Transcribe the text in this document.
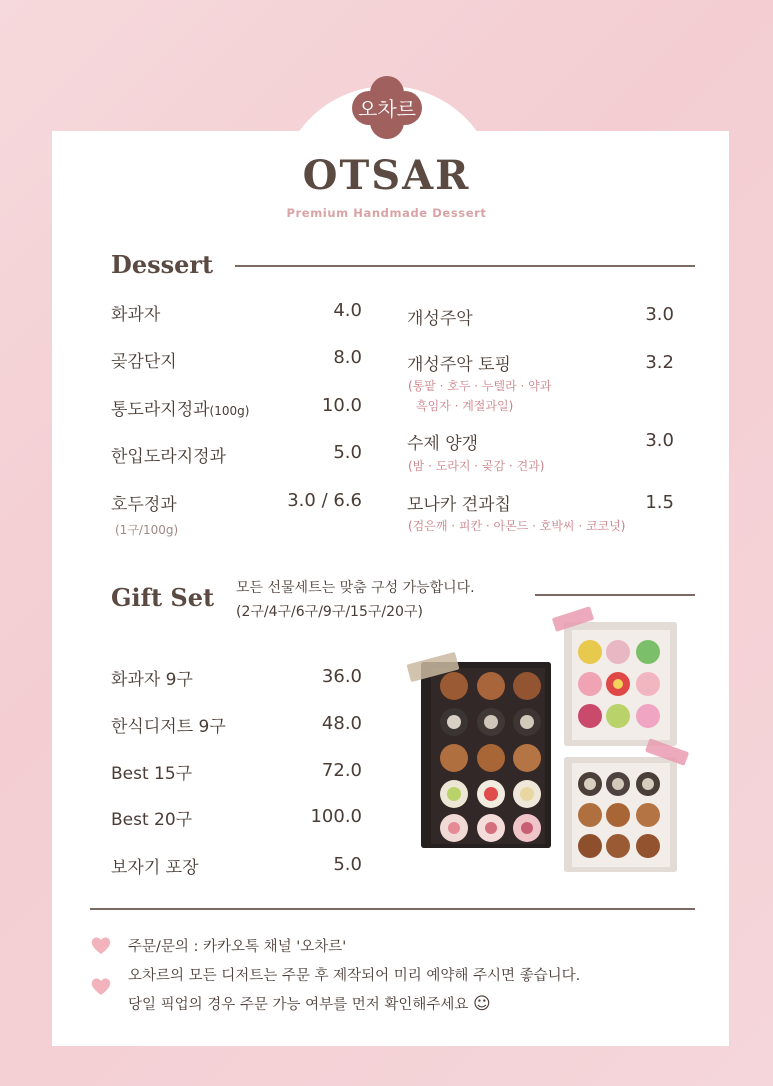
오차르
OTSAR
Premium Handmade Dessert
Dessert
화과자	4.0
곶감단지	8.0
통도라지정과(100g)	10.0
한입도라지정과	5.0
호두정과	3.0 / 6.6
(1구/100g)
개성주악	3.0
개성주악 토핑	3.2
(통팥 · 호두 · 누텔라 · 약과
흑임자 · 계절과일)
수제 양갱	3.0
(밤 · 도라지 · 곶감 · 견과)
모나카 견과칩	1.5
(검은깨 · 피칸 · 아몬드 · 호박씨 · 코코넛)
Gift Set 모든 선물세트는 맞춤 구성 가능합니다.
(2구/4구/6구/9구/15구/20구)
화과자 9구	36.0
한식디저트 9구	48.0
Best 15구	72.0
Best 20구	100.0
보자기 포장	5.0
주문/문의 : 카카오톡 채널 '오차르'
오차르의 모든 디저트는 주문 후 제작되어 미리 예약해 주시면 좋습니다.
당일 픽업의 경우 주문 가능 여부를 먼저 확인해주세요 ☺
